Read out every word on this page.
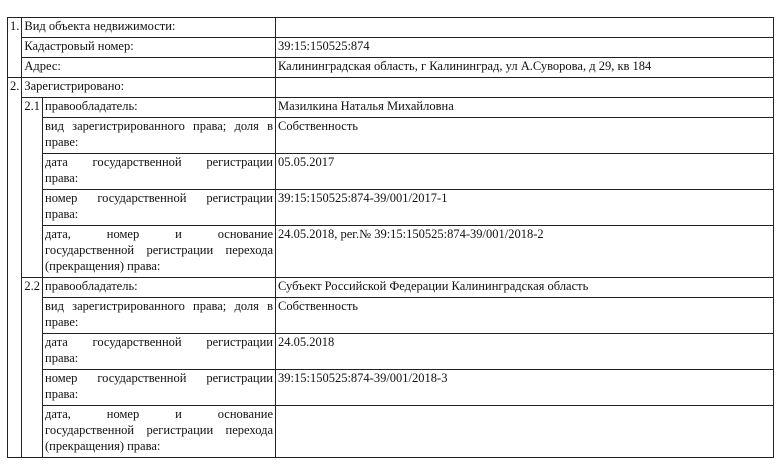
1.	Вид объекта недвижимости:		
	Кадастровый номер:		39:15:150525:874
	Адрес:		Калининградская область, г Калининград, ул А.Суворова, д 29, кв 184
2.	Зарегистрировано:		
	2.1	правообладатель:	Мазилкина Наталья Михайловна

		вид зарегистрированного права; доля в
праве:	Собственность

		дата государственной регистрации
права:	05.05.2017

		номер государственной регистрации
права:	39:15:150525:874-39/001/2017-1

		дата, номер и основание
государственной регистрации перехода
(прекращения) права:	24.05.2018, рег.№ 39:15:150525:874-39/001/2018-2
	2.2	правообладатель:	Субъект Российской Федерации Калининградская область

		вид зарегистрированного права; доля в
праве:	Собственность

		дата государственной регистрации
права:	24.05.2018

		номер государственной регистрации
права:	39:15:150525:874-39/001/2018-3

		дата, номер и основание
государственной регистрации перехода
(прекращения) права:	
